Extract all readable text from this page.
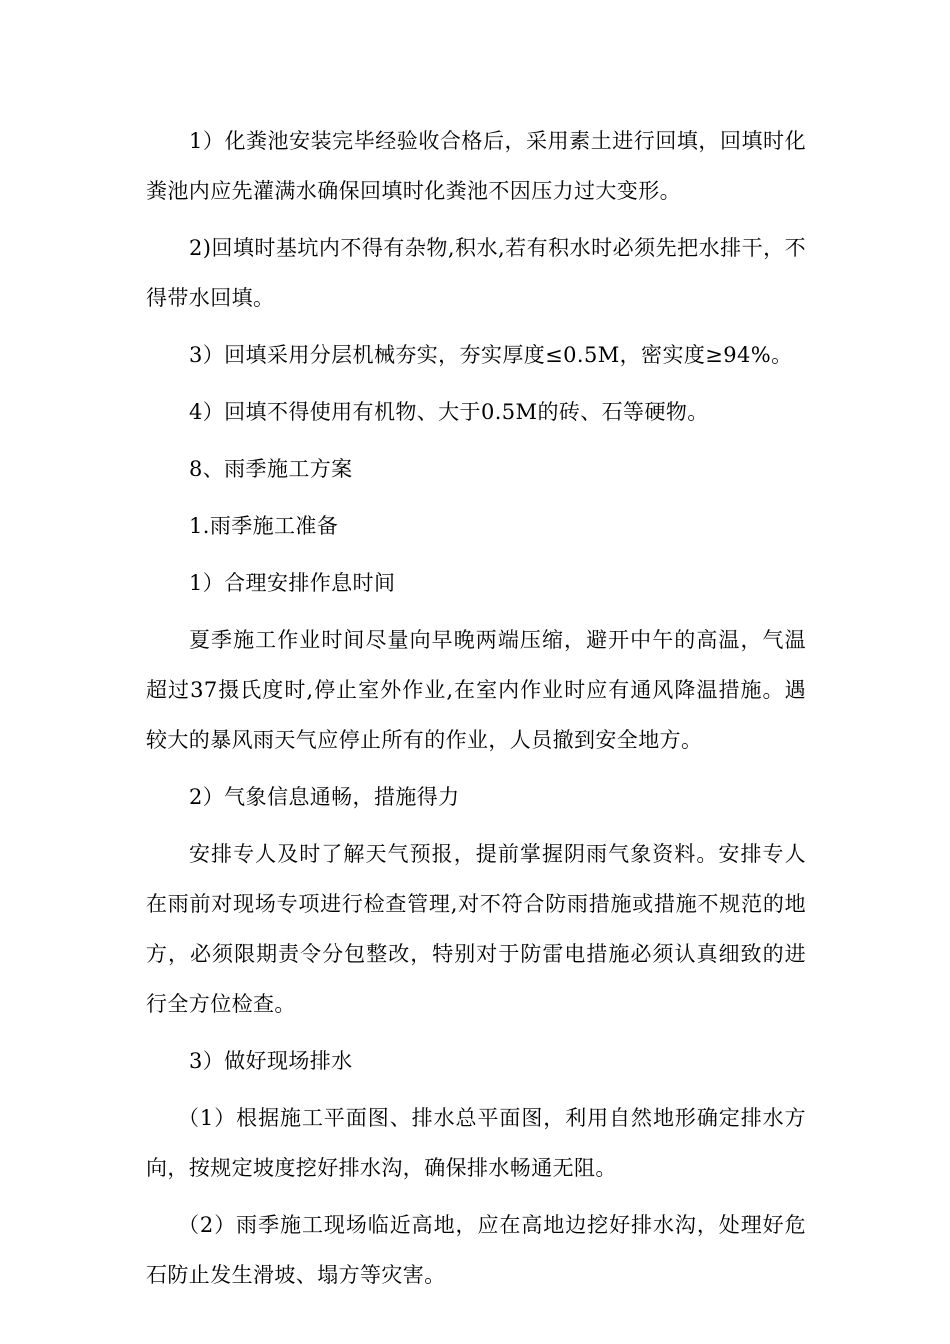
1）化粪池安装完毕经验收合格后，采用素土进行回填，回填时化粪池内应先灌满水确保回填时化粪池不因压力过大变形。

2)回填时基坑内不得有杂物,积水,若有积水时必须先把水排干，不得带水回填。

3）回填采用分层机械夯实，夯实厚度≤0.5M，密实度≥94%。

4）回填不得使用有机物、大于0.5M的砖、石等硬物。

8、雨季施工方案

1.雨季施工准备

1）合理安排作息时间

夏季施工作业时间尽量向早晚两端压缩，避开中午的高温，气温超过37摄氏度时,停止室外作业,在室内作业时应有通风降温措施。遇较大的暴风雨天气应停止所有的作业，人员撤到安全地方。

2）气象信息通畅，措施得力

安排专人及时了解天气预报，提前掌握阴雨气象资料。安排专人在雨前对现场专项进行检查管理,对不符合防雨措施或措施不规范的地方，必须限期责令分包整改，特别对于防雷电措施必须认真细致的进行全方位检查。

3）做好现场排水

（1）根据施工平面图、排水总平面图，利用自然地形确定排水方向，按规定坡度挖好排水沟，确保排水畅通无阻。

（2）雨季施工现场临近高地，应在高地边挖好排水沟，处理好危石防止发生滑坡、塌方等灾害。
